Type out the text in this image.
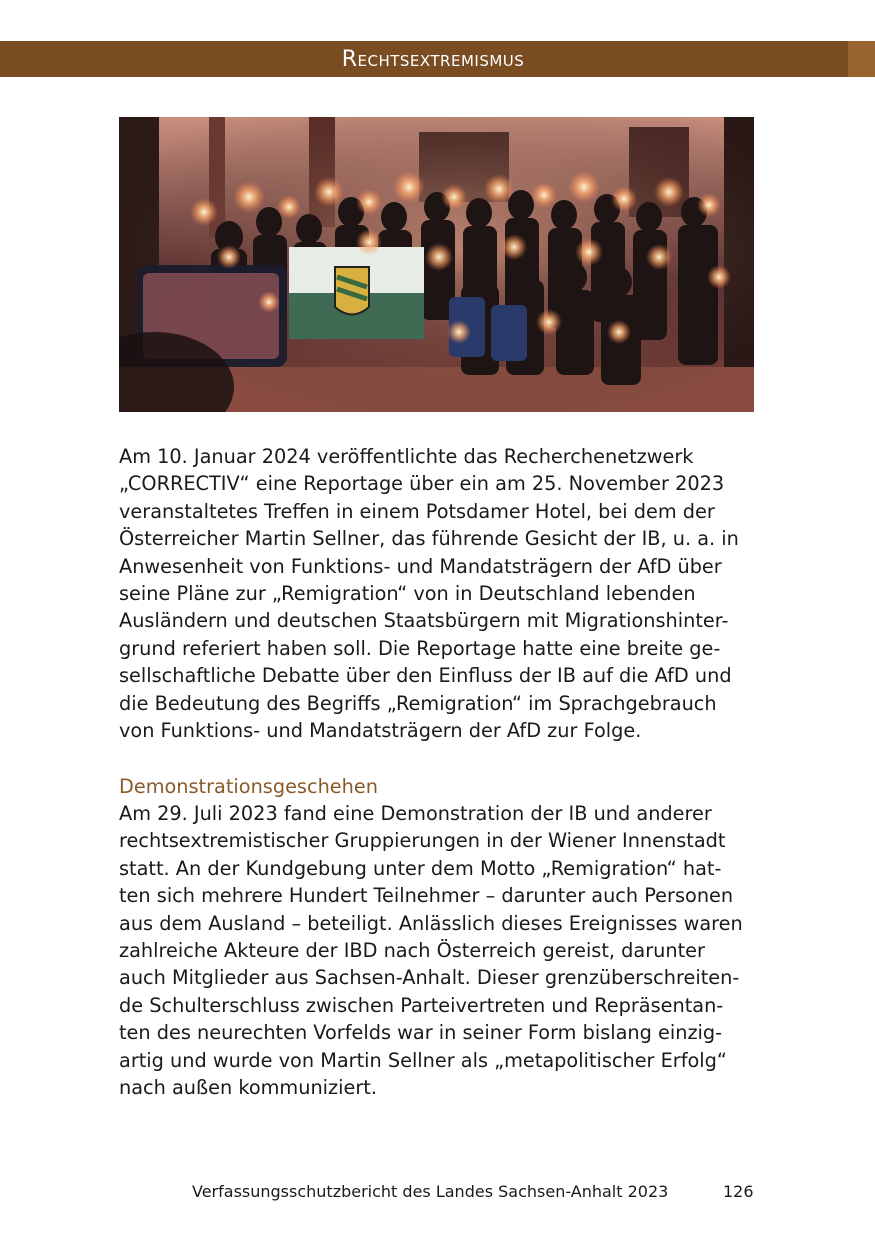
Rechtsextremismus
Am 10. Januar 2024 veröffentlichte das Recherchenetzwerk
„CORRECTIV“ eine Reportage über ein am 25. November 2023
veranstaltetes Treffen in einem Potsdamer Hotel, bei dem der
Österreicher Martin Sellner, das führende Gesicht der IB, u. a. in
Anwesenheit von Funktions- und Mandatsträgern der AfD über
seine Pläne zur „Remigration“ von in Deutschland lebenden
Ausländern und deutschen Staatsbürgern mit Migrationshinter-
grund referiert haben soll. Die Reportage hatte eine breite ge-
sellschaftliche Debatte über den Einfluss der IB auf die AfD und
die Bedeutung des Begriffs „Remigration“ im Sprachgebrauch
von Funktions- und Mandatsträgern der AfD zur Folge.
Demonstrationsgeschehen
Am 29. Juli 2023 fand eine Demonstration der IB und anderer
rechtsextremistischer Gruppierungen in der Wiener Innenstadt
statt. An der Kundgebung unter dem Motto „Remigration“ hat-
ten sich mehrere Hundert Teilnehmer – darunter auch Personen
aus dem Ausland – beteiligt. Anlässlich dieses Ereignisses waren
zahlreiche Akteure der IBD nach Österreich gereist, darunter
auch Mitglieder aus Sachsen-Anhalt. Dieser grenzüberschreiten-
de Schulterschluss zwischen Parteivertreten und Repräsentan-
ten des neurechten Vorfelds war in seiner Form bislang einzig-
artig und wurde von Martin Sellner als „metapolitischer Erfolg“
nach außen kommuniziert.
Verfassungsschutzbericht des Landes Sachsen-Anhalt 2023	126
